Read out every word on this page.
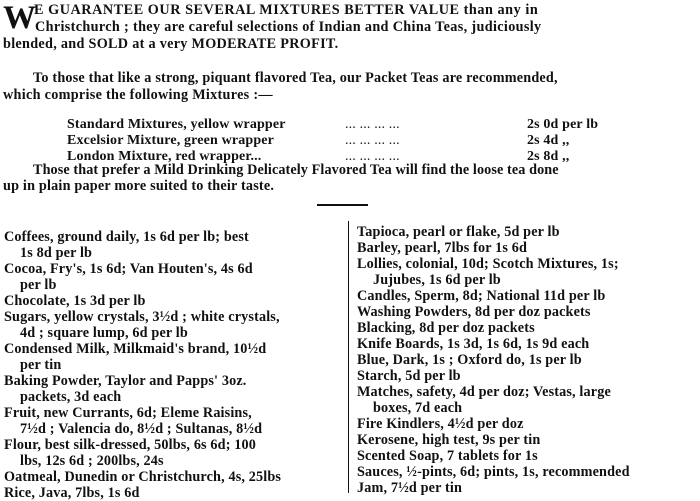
W
E GUARANTEE OUR SEVERAL MIXTURES BETTER VALUE than any in
Christchurch ; they are careful selections of Indian and China Teas, judiciously
blended, and SOLD at a very MODERATE PROFIT.
To those that like a strong, piquant flavored Tea, our Packet Teas are recommended,
which comprise the following Mixtures :—
Standard Mixtures, yellow wrapper	... ... ... ...	2s 0d per lb
Excelsior Mixture, green wrapper	... ... ... ...	2s 4d ,,
London Mixture, red wrapper...	... ... ... ...	2s 8d ,,
Those that prefer a Mild Drinking Delicately Flavored Tea will find the loose tea done
up in plain paper more suited to their taste.
Coffees, ground daily, 1s 6d per lb; best
1s 8d per lb
Cocoa, Fry's, 1s 6d; Van Houten's, 4s 6d
per lb
Chocolate, 1s 3d per lb
Sugars, yellow crystals, 3½d ; white crystals,
4d ; square lump, 6d per lb
Condensed Milk, Milkmaid's brand, 10½d
per tin
Baking Powder, Taylor and Papps' 3oz.
packets, 3d each
Fruit, new Currants, 6d; Eleme Raisins,
7½d ; Valencia do, 8½d ; Sultanas, 8½d
Flour, best silk-dressed, 50lbs, 6s 6d; 100
lbs, 12s 6d ; 200lbs, 24s
Oatmeal, Dunedin or Christchurch, 4s, 25lbs
Rice, Java, 7lbs, 1s 6d
Tapioca, pearl or flake, 5d per lb
Barley, pearl, 7lbs for 1s 6d
Lollies, colonial, 10d; Scotch Mixtures, 1s;
Jujubes, 1s 6d per lb
Candles, Sperm, 8d; National 11d per lb
Washing Powders, 8d per doz packets
Blacking, 8d per doz packets
Knife Boards, 1s 3d, 1s 6d, 1s 9d each
Blue, Dark, 1s ; Oxford do, 1s per lb
Starch, 5d per lb
Matches, safety, 4d per doz; Vestas, large
boxes, 7d each
Fire Kindlers, 4½d per doz
Kerosene, high test, 9s per tin
Scented Soap, 7 tablets for 1s
Sauces, ½-pints, 6d; pints, 1s, recommended
Jam, 7½d per tin
